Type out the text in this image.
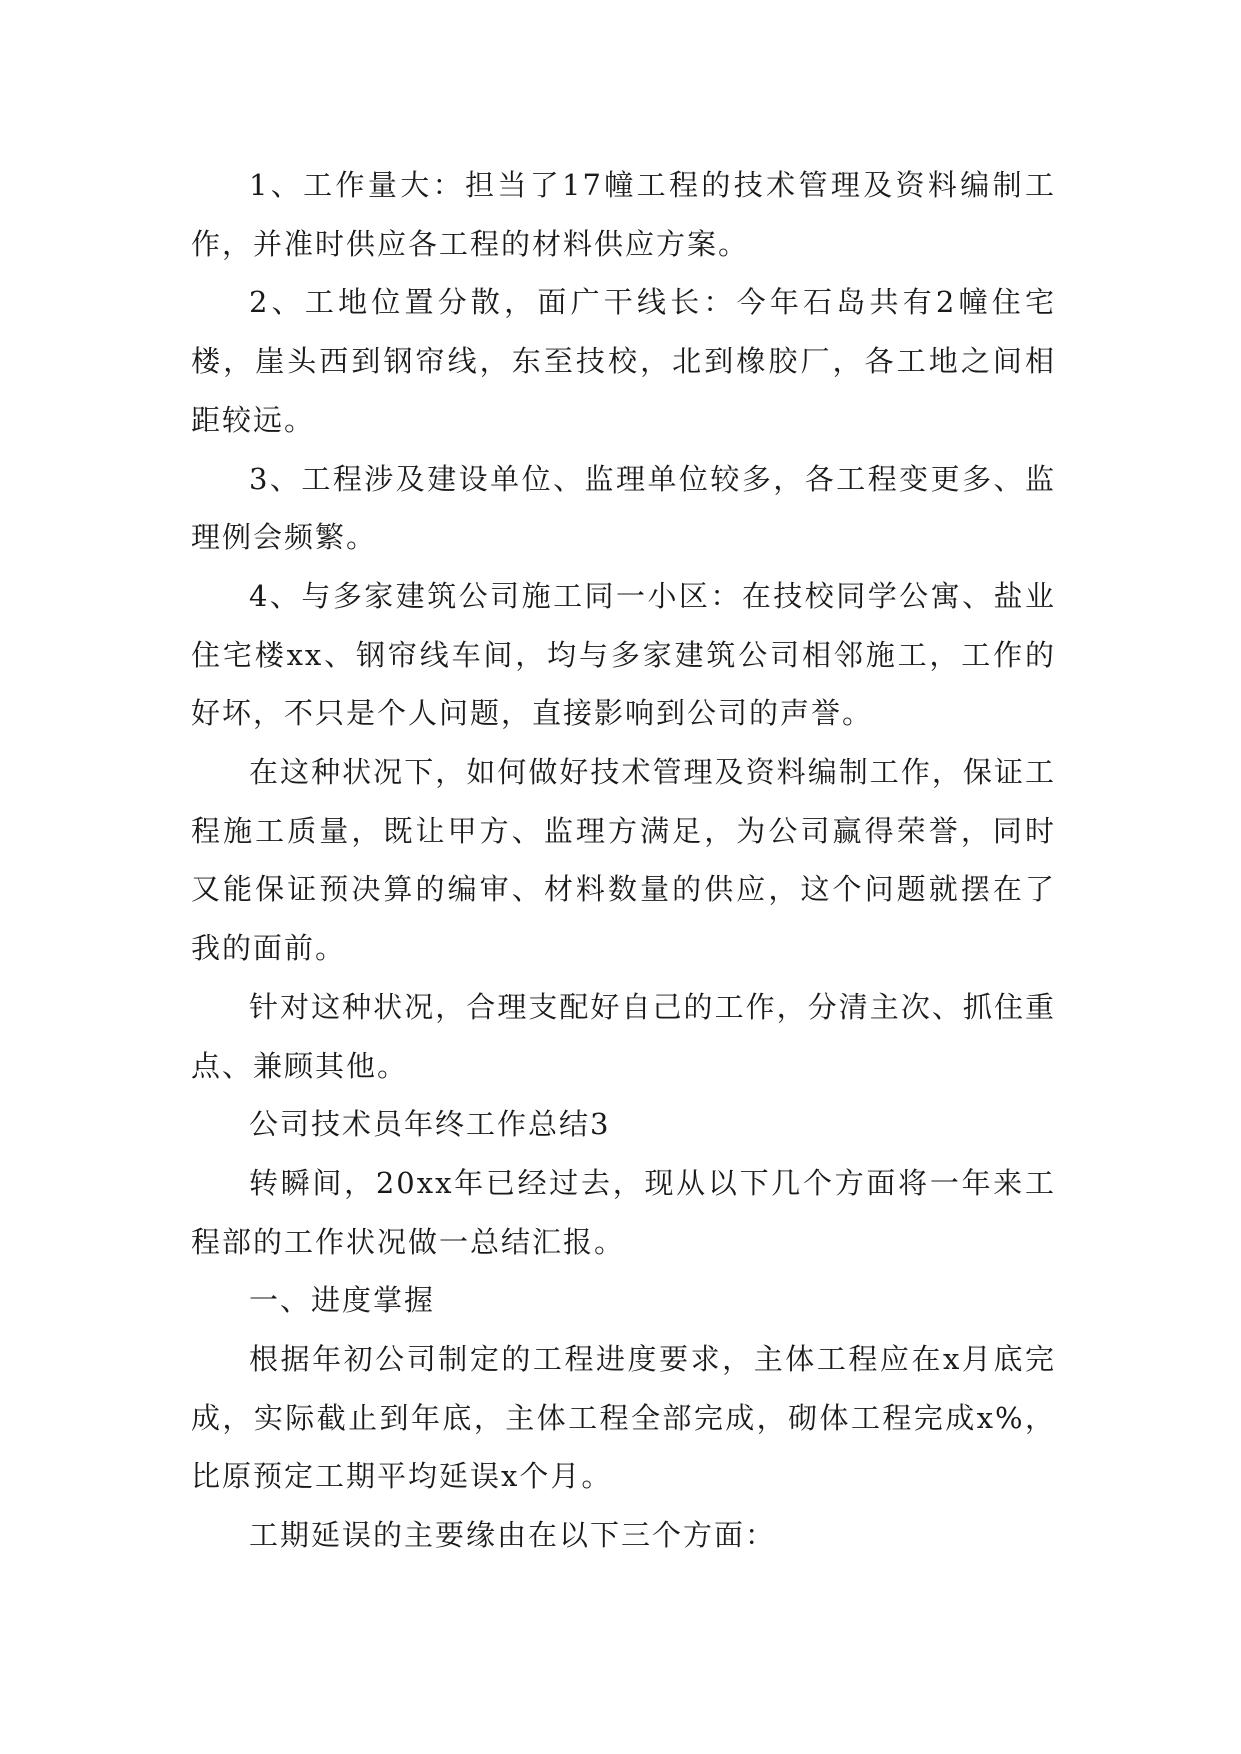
1、工作量大：担当了17幢工程的技术管理及资料编制工作，并准时供应各工程的材料供应方案。

2、工地位置分散，面广干线长：今年石岛共有2幢住宅楼，崖头西到钢帘线，东至技校，北到橡胶厂，各工地之间相距较远。

3、工程涉及建设单位、监理单位较多，各工程变更多、监理例会频繁。

4、与多家建筑公司施工同一小区：在技校同学公寓、盐业住宅楼xx、钢帘线车间，均与多家建筑公司相邻施工，工作的好坏，不只是个人问题，直接影响到公司的声誉。

在这种状况下，如何做好技术管理及资料编制工作，保证工程施工质量，既让甲方、监理方满足，为公司赢得荣誉，同时又能保证预决算的编审、材料数量的供应，这个问题就摆在了我的面前。

针对这种状况，合理支配好自己的工作，分清主次、抓住重点、兼顾其他。

公司技术员年终工作总结3

转瞬间，20xx年已经过去，现从以下几个方面将一年来工程部的工作状况做一总结汇报。

一、进度掌握

根据年初公司制定的工程进度要求，主体工程应在x月底完成，实际截止到年底，主体工程全部完成，砌体工程完成x%，比原预定工期平均延误x个月。

工期延误的主要缘由在以下三个方面：
